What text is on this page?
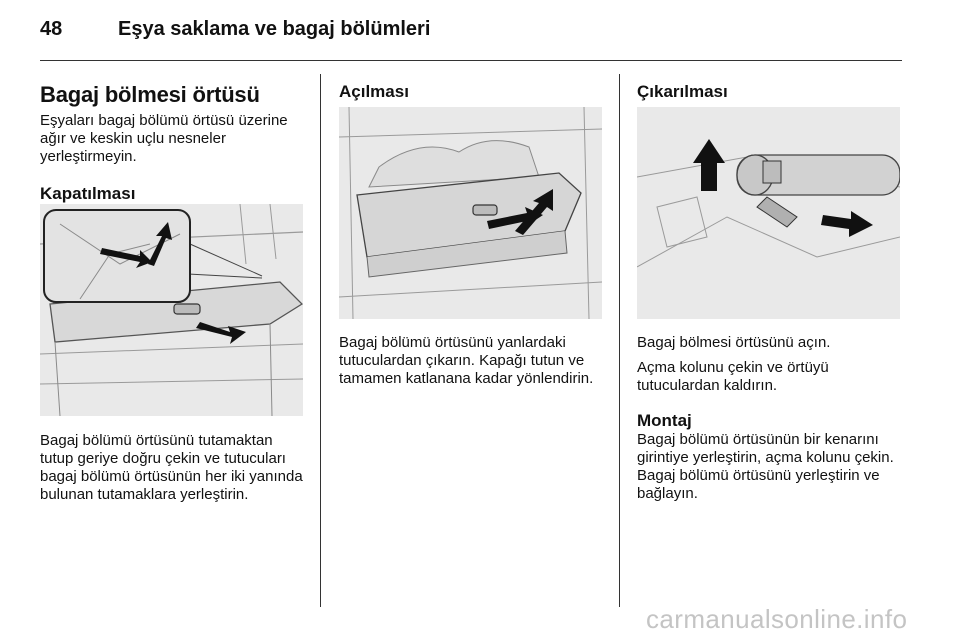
48	Eşya saklama ve bagaj bölümleri
Bagaj bölmesi örtüsü

Eşyaları bagaj bölümü örtüsü üzerine ağır ve keskin uçlu nesneler yerleştirmeyin.

Kapatılması

Bagaj bölümü örtüsünü tutamaktan tutup geriye doğru çekin ve tutucuları bagaj bölümü örtüsünün her iki yanında bulunan tutamaklara yerleştirin.

Açılması

Bagaj bölümü örtüsünü yanlardaki tutuculardan çıkarın. Kapağı tutun ve tamamen katlanana kadar yönlendirin.

Çıkarılması

Bagaj bölmesi örtüsünü açın.

Açma kolunu çekin ve örtüyü tutuculardan kaldırın.

Montaj

Bagaj bölümü örtüsünün bir kenarını girintiye yerleştirin, açma kolunu çekin. Bagaj bölümü örtüsünü yerleştirin ve bağlayın.

carmanualsonline.info
